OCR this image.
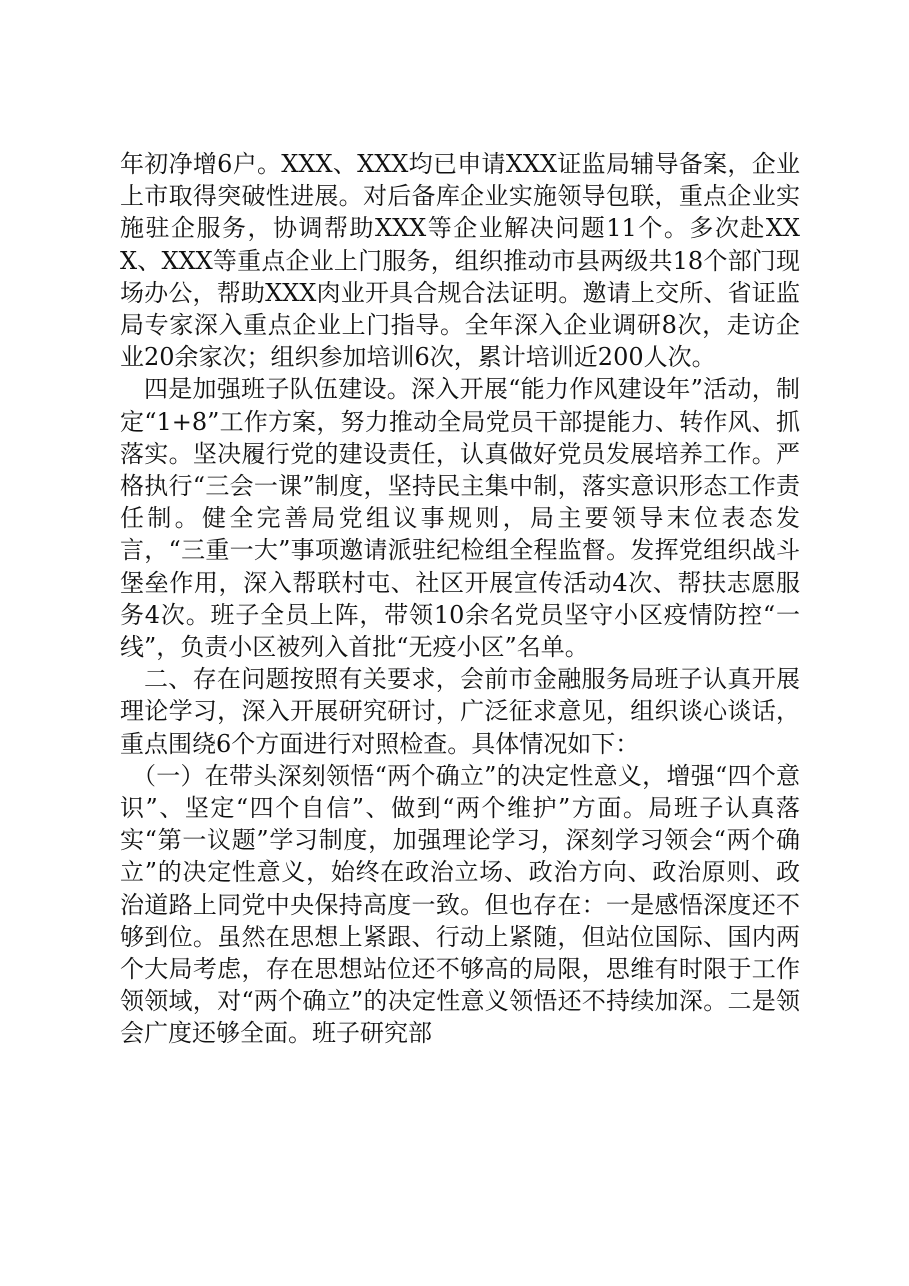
年初净增6户。XXX、XXX均已申请XXX证监局辅导备案，企业上市取得突破性进展。对后备库企业实施领导包联，重点企业实施驻企服务，协调帮助XXX等企业解决问题11个。多次赴XXX、XXX等重点企业上门服务，组织推动市县两级共18个部门现场办公，帮助XXX肉业开具合规合法证明。邀请上交所、省证监局专家深入重点企业上门指导。全年深入企业调研8次，走访企业20余家次；组织参加培训6次，累计培训近200人次。

四是加强班子队伍建设。深入开展“能力作风建设年”活动，制定“1+8”工作方案，努力推动全局党员干部提能力、转作风、抓落实。坚决履行党的建设责任，认真做好党员发展培养工作。严格执行“三会一课”制度，坚持民主集中制，落实意识形态工作责任制。健全完善局党组议事规则，局主要领导末位表态发言，“三重一大”事项邀请派驻纪检组全程监督。发挥党组织战斗堡垒作用，深入帮联村屯、社区开展宣传活动4次、帮扶志愿服务4次。班子全员上阵，带领10余名党员坚守小区疫情防控“一线”，负责小区被列入首批“无疫小区”名单。

二、存在问题按照有关要求，会前市金融服务局班子认真开展理论学习，深入开展研究研讨，广泛征求意见，组织谈心谈话，重点围绕6个方面进行对照检查。具体情况如下：

（一）在带头深刻领悟“两个确立”的决定性意义，增强“四个意识”、坚定“四个自信”、做到“两个维护”方面。局班子认真落实“第一议题”学习制度，加强理论学习，深刻学习领会“两个确立”的决定性意义，始终在政治立场、政治方向、政治原则、政治道路上同党中央保持高度一致。但也存在：一是感悟深度还不够到位。虽然在思想上紧跟、行动上紧随，但站位国际、国内两个大局考虑，存在思想站位还不够高的局限，思维有时限于工作领领域，对“两个确立”的决定性意义领悟还不持续加深。二是领会广度还够全面。班子研究部
